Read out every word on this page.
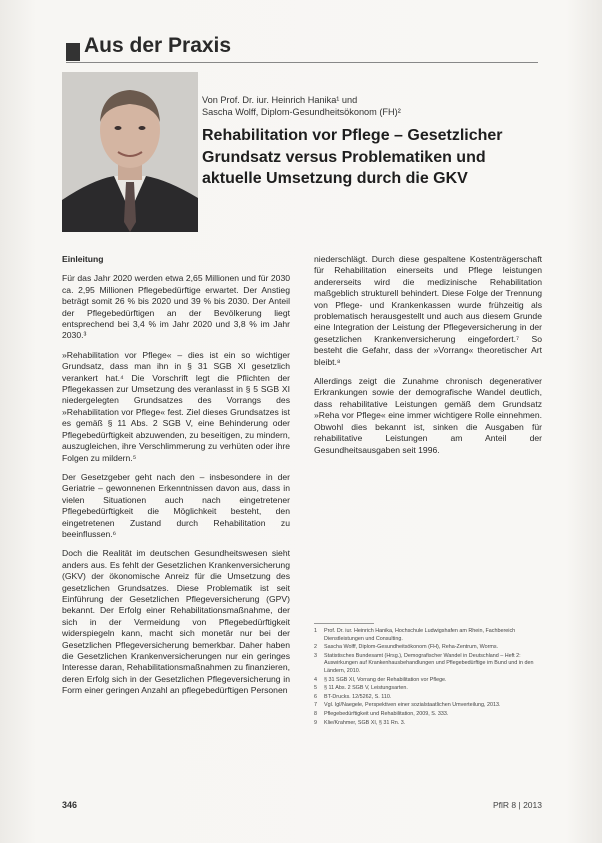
Aus der Praxis
Von Prof. Dr. iur. Heinrich Hanika¹ und
Sascha Wolff, Diplom-Gesundheitsökonom (FH)²
Rehabilitation vor Pflege – Gesetzlicher Grundsatz versus Problematiken und aktuelle Umsetzung durch die GKV

Einleitung

Für das Jahr 2020 werden etwa 2,65 Millionen und für 2030 ca. 2,95 Millionen Pflegebedürftige erwartet. Der Anstieg beträgt somit 26 % bis 2020 und 39 % bis 2030. Der Anteil der Pflegebedürftigen an der Bevölkerung liegt entsprechend bei 3,4 % im Jahr 2020 und 3,8 % im Jahr 2030.³

»Rehabilitation vor Pflege« – dies ist ein so wichtiger Grundsatz, dass man ihn in § 31 SGB XI gesetzlich verankert hat.⁴ Die Vorschrift legt die Pflichten der Pflegekassen zur Umsetzung des veranlasst in § 5 SGB XI niedergelegten Grundsatzes des Vorrangs des »Rehabilitation vor Pflege« fest. Ziel dieses Grundsatzes ist es gemäß § 11 Abs. 2 SGB V, eine Behinderung oder Pflegebedürftigkeit abzuwenden, zu beseitigen, zu mindern, auszugleichen, ihre Verschlimmerung zu verhüten oder ihre Folgen zu mildern.⁵

Der Gesetzgeber geht nach den – insbesondere in der Geriatrie – gewonnenen Erkenntnissen davon aus, dass in vielen Situationen auch nach eingetretener Pflegebedürftigkeit die Möglichkeit besteht, den eingetretenen Zustand durch Rehabilitation zu beeinflussen.⁶

Doch die Realität im deutschen Gesundheitswesen sieht anders aus. Es fehlt der Gesetzlichen Krankenversicherung (GKV) der ökonomische Anreiz für die Umsetzung des gesetzlichen Grundsatzes. Diese Problematik ist seit Einführung der Gesetzlichen Pflegeversicherung (GPV) bekannt. Der Erfolg einer Rehabilitationsmaßnahme, der sich in der Vermeidung von Pflegebedürftigkeit widerspiegeln kann, macht sich monetär nur bei der Gesetzlichen Pflegeversicherung bemerkbar. Daher haben die Gesetzlichen Krankenversicherungen nur ein geringes Interesse daran, Rehabilitationsmaßnahmen zu finanzieren, deren Erfolg sich in der Gesetzlichen Pflegeversicherung in Form einer geringen Anzahl an pflegebedürftigen Personen

niederschlägt. Durch diese gespaltene Kostenträgerschaft für Rehabilitation einerseits und Pflege leistungen andererseits wird die medizinische Rehabilitation maßgeblich strukturell behindert. Diese Folge der Trennung von Pflege- und Krankenkassen wurde frühzeitig als problematisch herausgestellt und auch aus diesem Grunde eine Integration der Leistung der Pflegeversicherung in der gesetzlichen Krankenversicherung eingefordert.⁷ So besteht die Gefahr, dass der »Vorrang« theoretischer Art bleibt.⁸

Allerdings zeigt die Zunahme chronisch degenerativer Erkrankungen sowie der demografische Wandel deutlich, dass rehabilitative Leistungen gemäß dem Grundsatz »Reha vor Pflege« eine immer wichtigere Rolle einnehmen. Obwohl dies bekannt ist, sinken die Ausgaben für rehabilitative Leistungen am Anteil der Gesundheitsausgaben seit 1996.

1	Prof. Dr. iur. Heinrich Hanika, Hochschule Ludwigshafen am Rhein, Fachbereich Dienstleistungen und Consulting.
2	Sascha Wolff, Diplom-Gesundheitsökonom (FH), Reha-Zentrum, Worms.
3	Statistisches Bundesamt (Hrsg.), Demografischer Wandel in Deutschland – Heft 2: Auswirkungen auf Krankenhausbehandlungen und Pflegebedürftige im Bund und in den Ländern, 2010.
4	§ 31 SGB XI, Vorrang der Rehabilitation vor Pflege.
5	§ 11 Abs. 2 SGB V, Leistungsarten.
6	BT-Drucks. 12/5262, S. 110.
7	Vgl. Igl/Naegele, Perspektiven einer sozialstaatlichen Umverteilung, 2013.
8	Pflegebedürftigkeit und Rehabilitation, 2009, S. 333.
9	Klie/Krahmer, SGB XI, § 31 Rn. 3.
346	PflR 8 | 2013
